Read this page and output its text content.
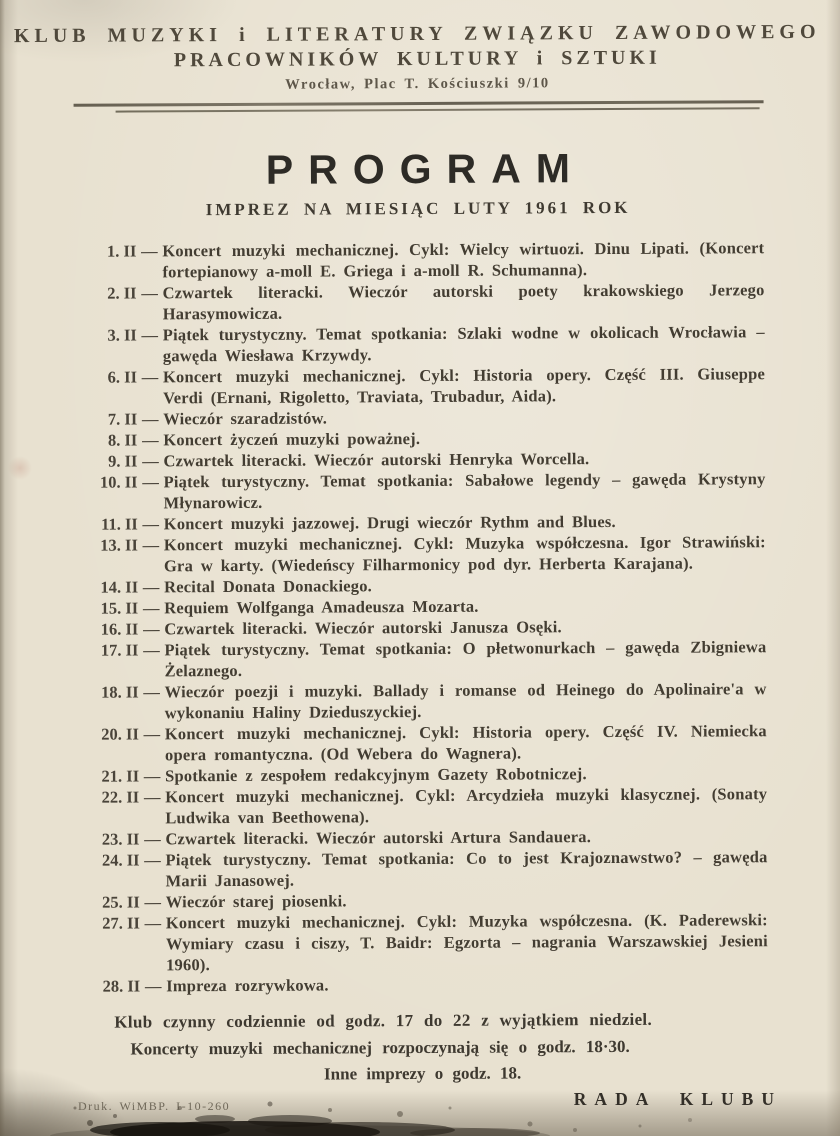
KLUB MUZYKI i LITERATURY ZWIĄZKU ZAWODOWEGO
PRACOWNIKÓW KULTURY i SZTUKI
Wrocław, Plac T. Kościuszki 9/10
PROGRAM
IMPREZ NA MIESIĄC LUTY 1961 ROK
1. II — Koncert muzyki mechanicznej. Cykl: Wielcy wirtuozi. Dinu Lipati. (Koncert fortepianowy a-moll E. Griega i a-moll R. Schumanna).
2. II — Czwartek literacki. Wieczór autorski poety krakowskiego Jerzego Harasymowicza.
3. II — Piątek turystyczny. Temat spotkania: Szlaki wodne w okolicach Wrocławia – gawęda Wiesława Krzywdy.
6. II — Koncert muzyki mechanicznej. Cykl: Historia opery. Część III. Giuseppe Verdi (Ernani, Rigoletto, Traviata, Trubadur, Aida).
7. II — Wieczór szaradzistów.
8. II — Koncert życzeń muzyki poważnej.
9. II — Czwartek literacki. Wieczór autorski Henryka Worcella.
10. II — Piątek turystyczny. Temat spotkania: Sabałowe legendy – gawęda Krystyny Młynarowicz.
11. II — Koncert muzyki jazzowej. Drugi wieczór Rythm and Blues.
13. II — Koncert muzyki mechanicznej. Cykl: Muzyka współczesna. Igor Strawiński: Gra w karty. (Wiedeńscy Filharmonicy pod dyr. Herberta Karajana).
14. II — Recital Donata Donackiego.
15. II — Requiem Wolfganga Amadeusza Mozarta.
16. II — Czwartek literacki. Wieczór autorski Janusza Osęki.
17. II — Piątek turystyczny. Temat spotkania: O płetwonurkach – gawęda Zbigniewa Żelaznego.
18. II — Wieczór poezji i muzyki. Ballady i romanse od Heinego do Apolinaire'a w wykonaniu Haliny Dzieduszyckiej.
20. II — Koncert muzyki mechanicznej. Cykl: Historia opery. Część IV. Niemiecka opera romantyczna. (Od Webera do Wagnera).
21. II — Spotkanie z zespołem redakcyjnym Gazety Robotniczej.
22. II — Koncert muzyki mechanicznej. Cykl: Arcydzieła muzyki klasycznej. (Sonaty Ludwika van Beethowena).
23. II — Czwartek literacki. Wieczór autorski Artura Sandauera.
24. II — Piątek turystyczny. Temat spotkania: Co to jest Krajoznawstwo? – gawęda Marii Janasowej.
25. II — Wieczór starej piosenki.
27. II — Koncert muzyki mechanicznej. Cykl: Muzyka współczesna. (K. Paderewski: Wymiary czasu i ciszy, T. Baidr: Egzorta – nagrania Warszawskiej Jesieni 1960).
28. II — Impreza rozrywkowa.
Klub czynny codziennie od godz. 17 do 22 z wyjątkiem niedziel.
Koncerty muzyki mechanicznej rozpoczynają się o godz. 18·30.
Inne imprezy o godz. 18.
Druk. WiMBP. I-10-260	RADA KLUBU
